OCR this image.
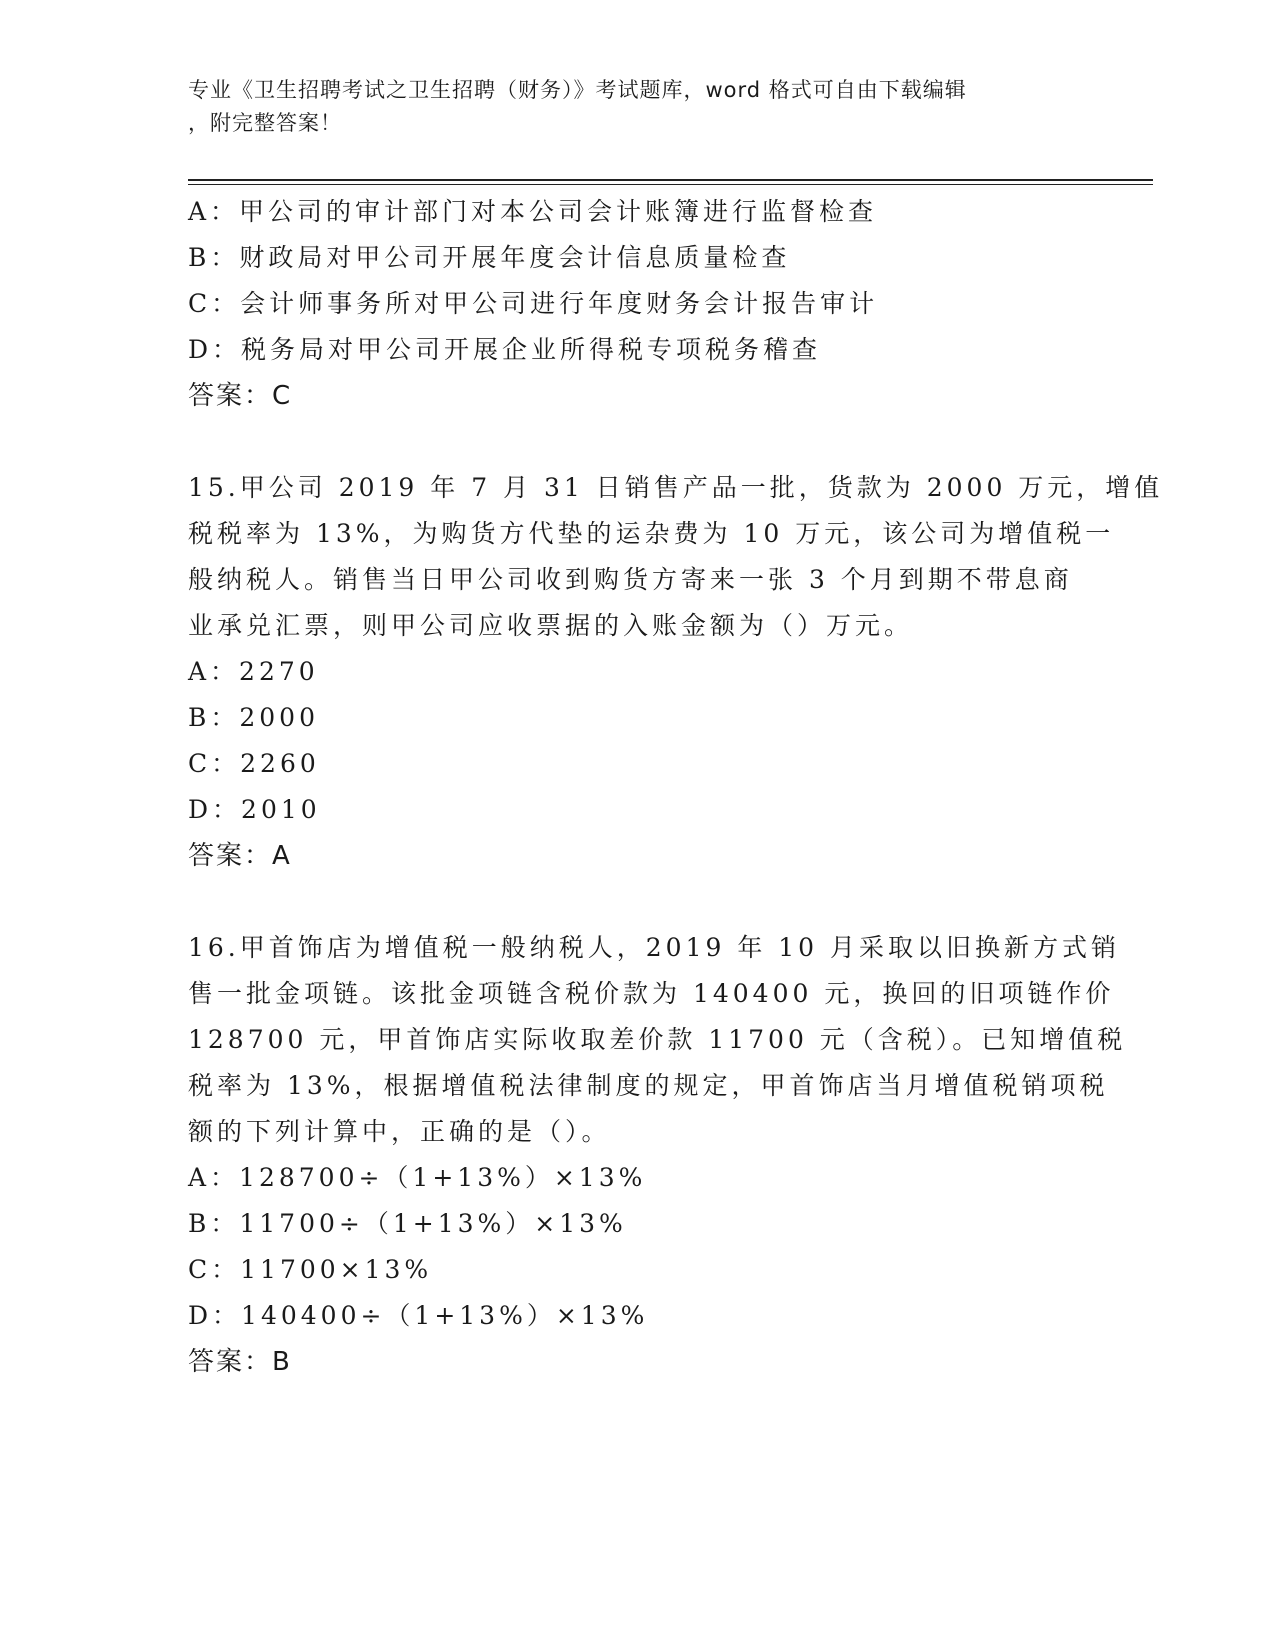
专业《卫生招聘考试之卫生招聘（财务）》考试题库，word 格式可自由下载编辑
，附完整答案！
A：甲公司的审计部门对本公司会计账簿进行监督检查
B：财政局对甲公司开展年度会计信息质量检查
C：会计师事务所对甲公司进行年度财务会计报告审计
D：税务局对甲公司开展企业所得税专项税务稽查
答案：C
15.甲公司 2019 年 7 月 31 日销售产品一批，货款为 2000 万元，增值
税税率为 13%，为购货方代垫的运杂费为 10 万元，该公司为增值税一
般纳税人。销售当日甲公司收到购货方寄来一张 3 个月到期不带息商
业承兑汇票，则甲公司应收票据的入账金额为（）万元。
A：2270
B：2000
C：2260
D：2010
答案：A
16.甲首饰店为增值税一般纳税人，2019 年 10 月采取以旧换新方式销
售一批金项链。该批金项链含税价款为 140400 元，换回的旧项链作价
128700 元，甲首饰店实际收取差价款 11700 元（含税）。已知增值税
税率为 13%，根据增值税法律制度的规定，甲首饰店当月增值税销项税
额的下列计算中，正确的是（）。
A：128700÷（1+13%）×13%
B：11700÷（1+13%）×13%
C：11700×13%
D：140400÷（1+13%）×13%
答案：B
